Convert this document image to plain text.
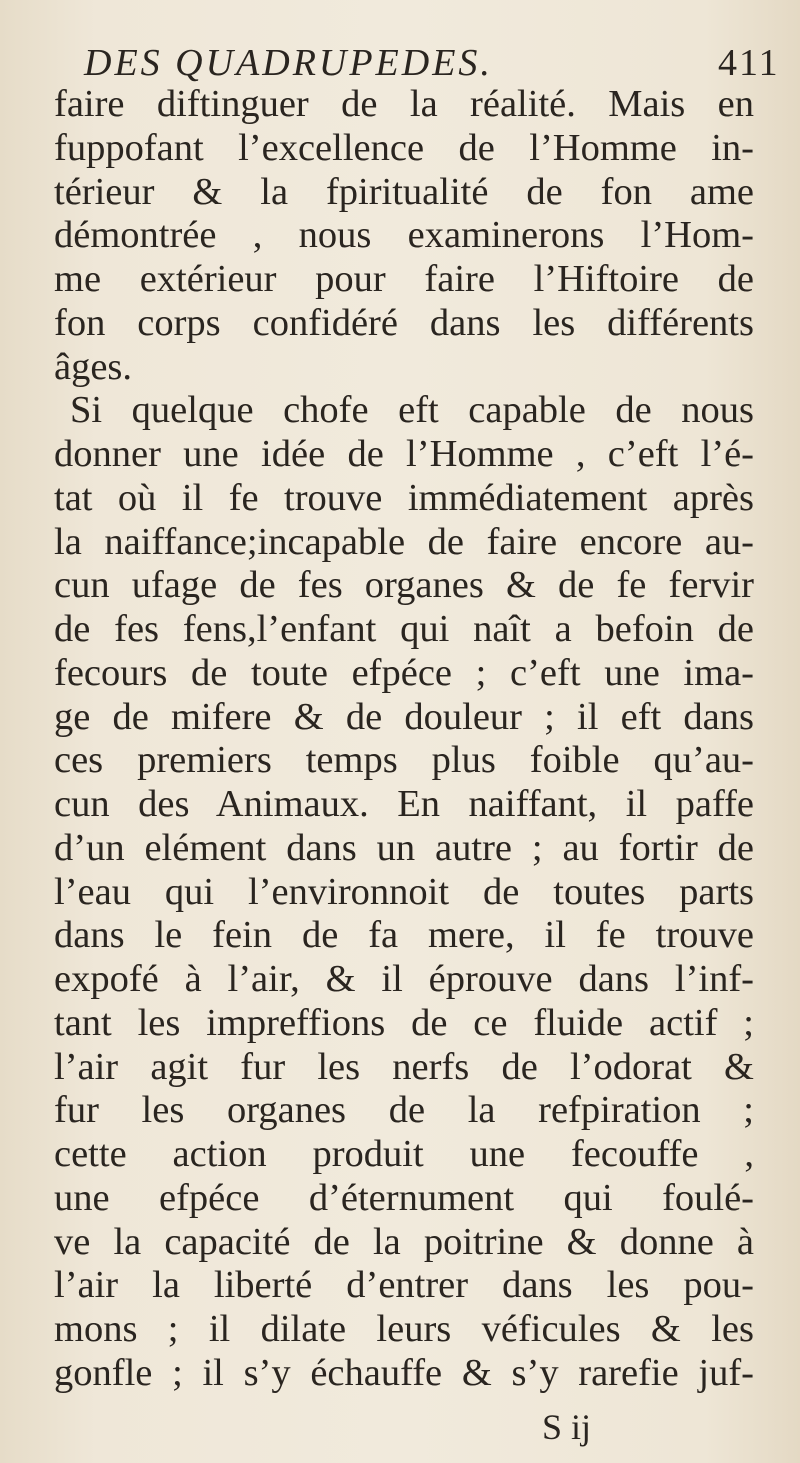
DES QUADRUPEDES.	411
faire diftinguer de la réalité. Mais en
fuppofant l’excellence de l’Homme in-
térieur & la fpiritualité de fon ame
démontrée , nous examinerons l’Hom-
me extérieur pour faire l’Hiftoire de
fon corps confidéré dans les différents
âges.
Si quelque chofe eft capable de nous
donner une idée de l’Homme , c’eft l’é-
tat où il fe trouve immédiatement après
la naiffance;incapable de faire encore au-
cun ufage de fes organes & de fe fervir
de fes fens,l’enfant qui naît a befoin de
fecours de toute efpéce ; c’eft une ima-
ge de mifere & de douleur ; il eft dans
ces premiers temps plus foible qu’au-
cun des Animaux. En naiffant, il paffe
d’un elément dans un autre ; au fortir de
l’eau qui l’environnoit de toutes parts
dans le fein de fa mere, il fe trouve
expofé à l’air, & il éprouve dans l’inf-
tant les impreffions de ce fluide actif ;
l’air agit fur les nerfs de l’odorat &
fur les organes de la refpiration ;
cette action produit une fecouffe ,
une efpéce d’éternument qui foulé-
ve la capacité de la poitrine & donne à
l’air la liberté d’entrer dans les pou-
mons ; il dilate leurs véficules & les
gonfle ; il s’y échauffe & s’y rarefie juf-
S ij
